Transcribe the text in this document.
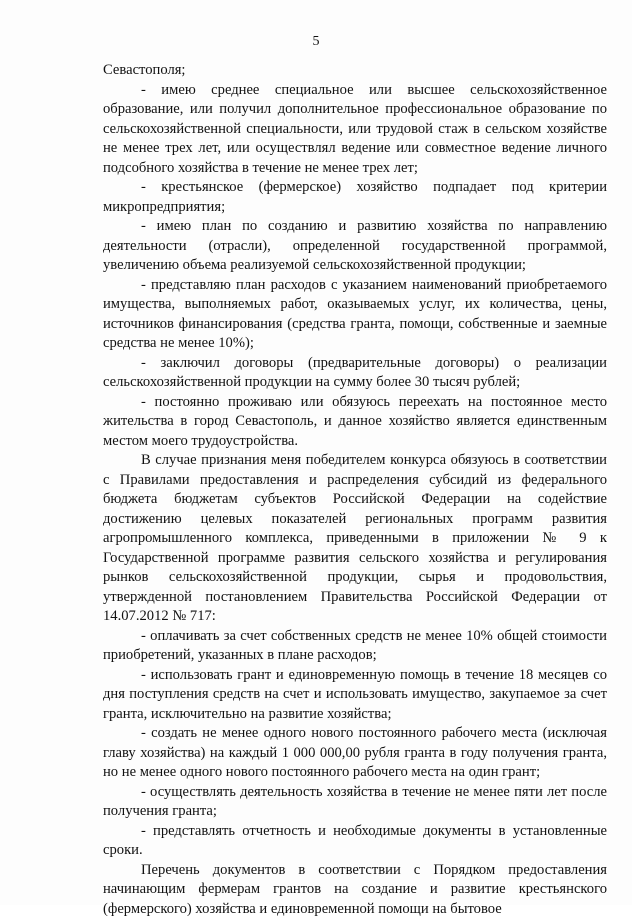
5

Севастополя;

- имею среднее специальное или высшее сельскохозяйственное образование, или получил дополнительное профессиональное образование по сельскохозяйственной специальности, или трудовой стаж в сельском хозяйстве не менее трех лет, или осуществлял ведение или совместное ведение личного подсобного хозяйства в течение не менее трех лет;

- крестьянское (фермерское) хозяйство подпадает под критерии микропредприятия;

- имею план по созданию и развитию хозяйства по направлению деятельности (отрасли), определенной государственной программой, увеличению объема реализуемой сельскохозяйственной продукции;

- представляю план расходов с указанием наименований приобретаемого имущества, выполняемых работ, оказываемых услуг, их количества, цены, источников финансирования (средства гранта, помощи, собственные и заемные средства не менее 10%);

- заключил договоры (предварительные договоры) о реализации сельскохозяйственной продукции на сумму более 30 тысяч рублей;

- постоянно проживаю или обязуюсь переехать на постоянное место жительства в город Севастополь, и данное хозяйство является единственным местом моего трудоустройства.

В случае признания меня победителем конкурса обязуюсь в соответствии с Правилами предоставления и распределения субсидий из федерального бюджета бюджетам субъектов Российской Федерации на содействие достижению целевых показателей региональных программ развития агропромышленного комплекса, приведенными в приложении № 9 к Государственной программе развития сельского хозяйства и регулирования рынков сельскохозяйственной продукции, сырья и продовольствия, утвержденной постановлением Правительства Российской Федерации от 14.07.2012 № 717:

- оплачивать за счет собственных средств не менее 10% общей стоимости приобретений, указанных в плане расходов;

- использовать грант и единовременную помощь в течение 18 месяцев со дня поступления средств на счет и использовать имущество, закупаемое за счет гранта, исключительно на развитие хозяйства;

- создать не менее одного нового постоянного рабочего места (исключая главу хозяйства) на каждый 1 000 000,00 рубля гранта в году получения гранта, но не менее одного нового постоянного рабочего места на один грант;

- осуществлять деятельность хозяйства в течение не менее пяти лет после получения гранта;

- представлять отчетность и необходимые документы в установленные сроки.

Перечень документов в соответствии с Порядком предоставления начинающим фермерам грантов на создание и развитие крестьянского (фермерского) хозяйства и единовременной помощи на бытовое
